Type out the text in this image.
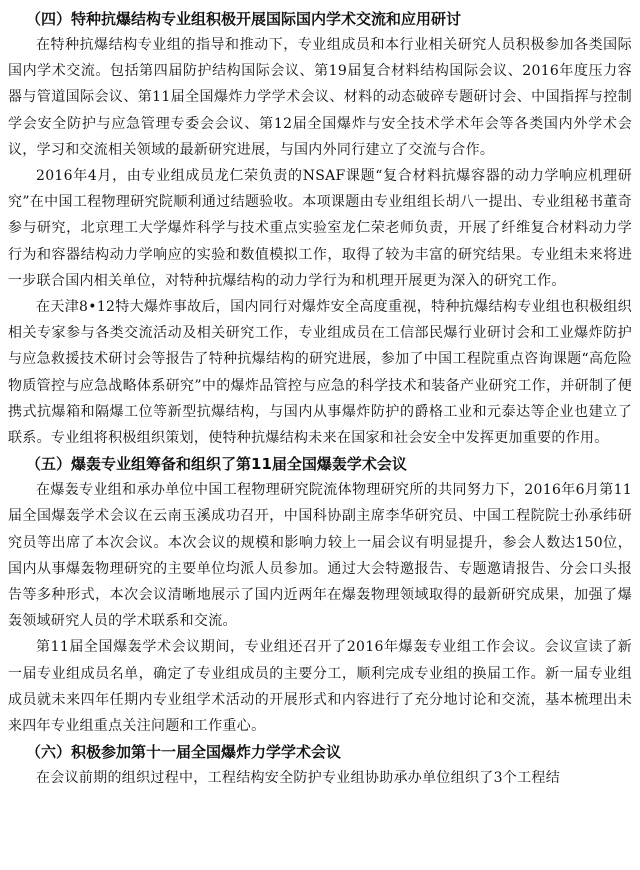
（四）特种抗爆结构专业组积极开展国际国内学术交流和应用研讨

在特种抗爆结构专业组的指导和推动下，专业组成员和本行业相关研究人员积极参加各类国际国内学术交流。包括第四届防护结构国际会议、第19届复合材料结构国际会议、2016年度压力容器与管道国际会议、第11届全国爆炸力学学术会议、材料的动态破碎专题研讨会、中国指挥与控制学会安全防护与应急管理专委会会议、第12届全国爆炸与安全技术学术年会等各类国内外学术会议，学习和交流相关领域的最新研究进展，与国内外同行建立了交流与合作。

2016年4月，由专业组成员龙仁荣负责的NSAF课题“复合材料抗爆容器的动力学响应机理研究”在中国工程物理研究院顺利通过结题验收。本项课题由专业组组长胡八一提出、专业组秘书董奇参与研究，北京理工大学爆炸科学与技术重点实验室龙仁荣老师负责，开展了纤维复合材料动力学行为和容器结构动力学响应的实验和数值模拟工作，取得了较为丰富的研究结果。专业组未来将进一步联合国内相关单位，对特种抗爆结构的动力学行为和机理开展更为深入的研究工作。

在天津8•12特大爆炸事故后，国内同行对爆炸安全高度重视，特种抗爆结构专业组也积极组织相关专家参与各类交流活动及相关研究工作，专业组成员在工信部民爆行业研讨会和工业爆炸防护与应急救援技术研讨会等报告了特种抗爆结构的研究进展，参加了中国工程院重点咨询课题“高危险物质管控与应急战略体系研究”中的爆炸品管控与应急的科学技术和装备产业研究工作，并研制了便携式抗爆箱和隔爆工位等新型抗爆结构，与国内从事爆炸防护的爵格工业和元泰达等企业也建立了联系。专业组将积极组织策划，使特种抗爆结构未来在国家和社会安全中发挥更加重要的作用。

（五）爆轰专业组筹备和组织了第11届全国爆轰学术会议

在爆轰专业组和承办单位中国工程物理研究院流体物理研究所的共同努力下，2016年6月第11届全国爆轰学术会议在云南玉溪成功召开，中国科协副主席李华研究员、中国工程院院士孙承纬研究员等出席了本次会议。本次会议的规模和影响力较上一届会议有明显提升，参会人数达150位，国内从事爆轰物理研究的主要单位均派人员参加。通过大会特邀报告、专题邀请报告、分会口头报告等多种形式，本次会议清晰地展示了国内近两年在爆轰物理领域取得的最新研究成果，加强了爆轰领域研究人员的学术联系和交流。

第11届全国爆轰学术会议期间，专业组还召开了2016年爆轰专业组工作会议。会议宣读了新一届专业组成员名单，确定了专业组成员的主要分工，顺利完成专业组的换届工作。新一届专业组成员就未来四年任期内专业组学术活动的开展形式和内容进行了充分地讨论和交流，基本梳理出未来四年专业组重点关注问题和工作重心。

（六）积极参加第十一届全国爆炸力学学术会议

在会议前期的组织过程中，工程结构安全防护专业组协助承办单位组织了3个工程结
